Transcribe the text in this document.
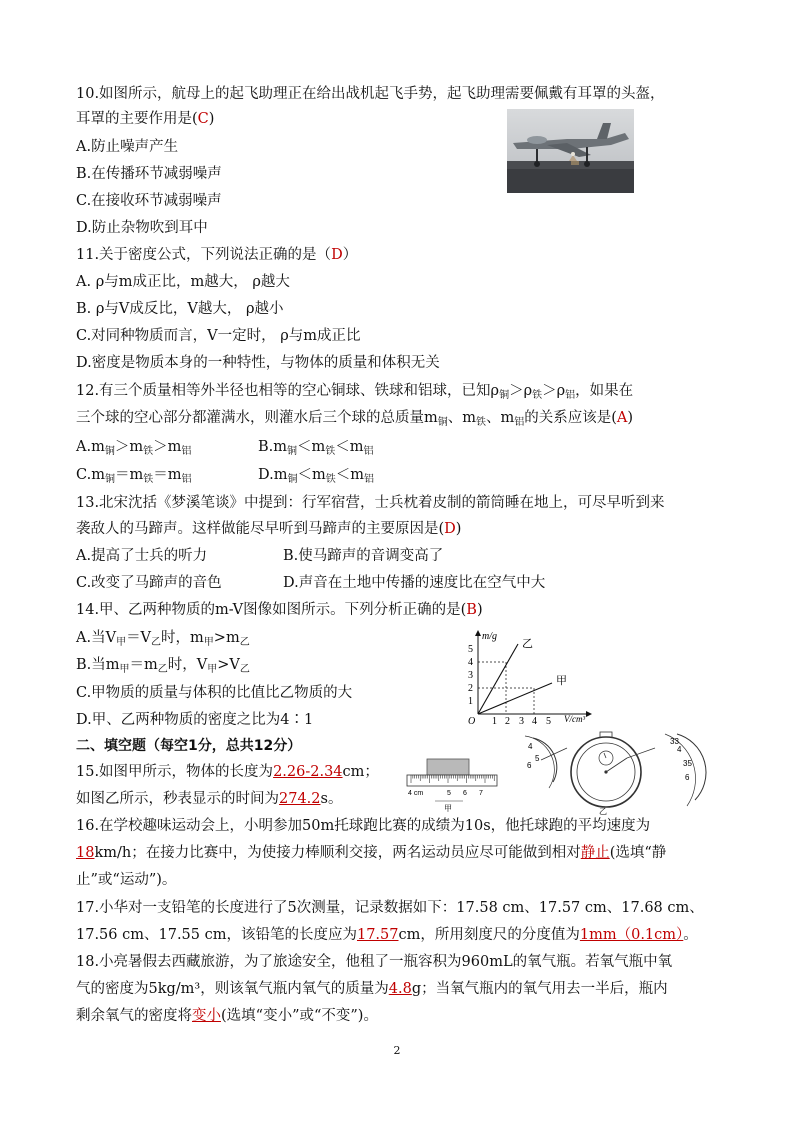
10.如图所示，航母上的起飞助理正在给出战机起飞手势，起飞助理需要佩戴有耳罩的头盔，
耳罩的主要作用是(C)
A.防止噪声产生
B.在传播环节减弱噪声
C.在接收环节减弱噪声
D.防止杂物吹到耳中
11.关于密度公式，下列说法正确的是（D）
A. ρ与m成正比，m越大， ρ越大
B. ρ与V成反比，V越大， ρ越小
C.对同种物质而言，V一定时， ρ与m成正比
D.密度是物质本身的一种特性，与物体的质量和体积无关
12.有三个质量相等外半径也相等的空心铜球、铁球和铝球，已知$\rho_铜>\rho_铁>\rho_铝$，如果在
三个球的空心部分都灌满水，则灌水后三个球的总质量$m_铜$、$m_铁$、$m_铝$的关系应该是(A)
$A.m_铜>m_铁>m_铝$	$B.m_铜<m_铁<m_铝$
$C.m_铜=m_铁=m_铝$	$D.m_铜<m_铁<m_铝$
13.北宋沈括《梦溪笔谈》中提到：行军宿营，士兵枕着皮制的箭筒睡在地上，可尽早听到来
袭敌人的马蹄声。这样做能尽早听到马蹄声的主要原因是(D)
A.提高了士兵的听力	B.使马蹄声的音调变高了
C.改变了马蹄声的音色	D.声音在土地中传播的速度比在空气中大
14.甲、乙两种物质的m-V图像如图所示。下列分析正确的是(B)
A.当$V_甲=V_乙$时，$m_甲>m_乙$
B.当$m_甲=m_乙$时，$V_甲>V_乙$
C.甲物质的质量与体积的比值比乙物质的大
D.甲、乙两种物质的密度之比为4∶1
m/g
V/cm³
O
1
2
3
4
5
1 2 3 4 5
乙
甲
二、填空题（每空1分，总共12分）
15.如图甲所示，物体的长度为2.26-2.34cm；
如图乙所示，秒表显示的时间为274.2s。	4 cm	5 6 7
甲
4
5
6
33
4
35
6
乙
16.在学校趣味运动会上，小明参加50m托球跑比赛的成绩为10s，他托球跑的平均速度为
18km/h；在接力比赛中，为使接力棒顺利交接，两名运动员应尽可能做到相对静止(选填“静
止”或“运动”)。
17.小华对一支铅笔的长度进行了5次测量，记录数据如下：17.58 cm、17.57 cm、17.68 cm、
17.56 cm、17.55 cm，该铅笔的长度应为17.57cm，所用刻度尺的分度值为1mm（0.1cm）。
18.小亮暑假去西藏旅游，为了旅途安全，他租了一瓶容积为960mL的氧气瓶。若氧气瓶中氧
气的密度为5kg/m³，则该氧气瓶内氧气的质量为4.8g；当氧气瓶内的氧气用去一半后，瓶内
剩余氧气的密度将变小(选填“变小”或“不变”)。
2
